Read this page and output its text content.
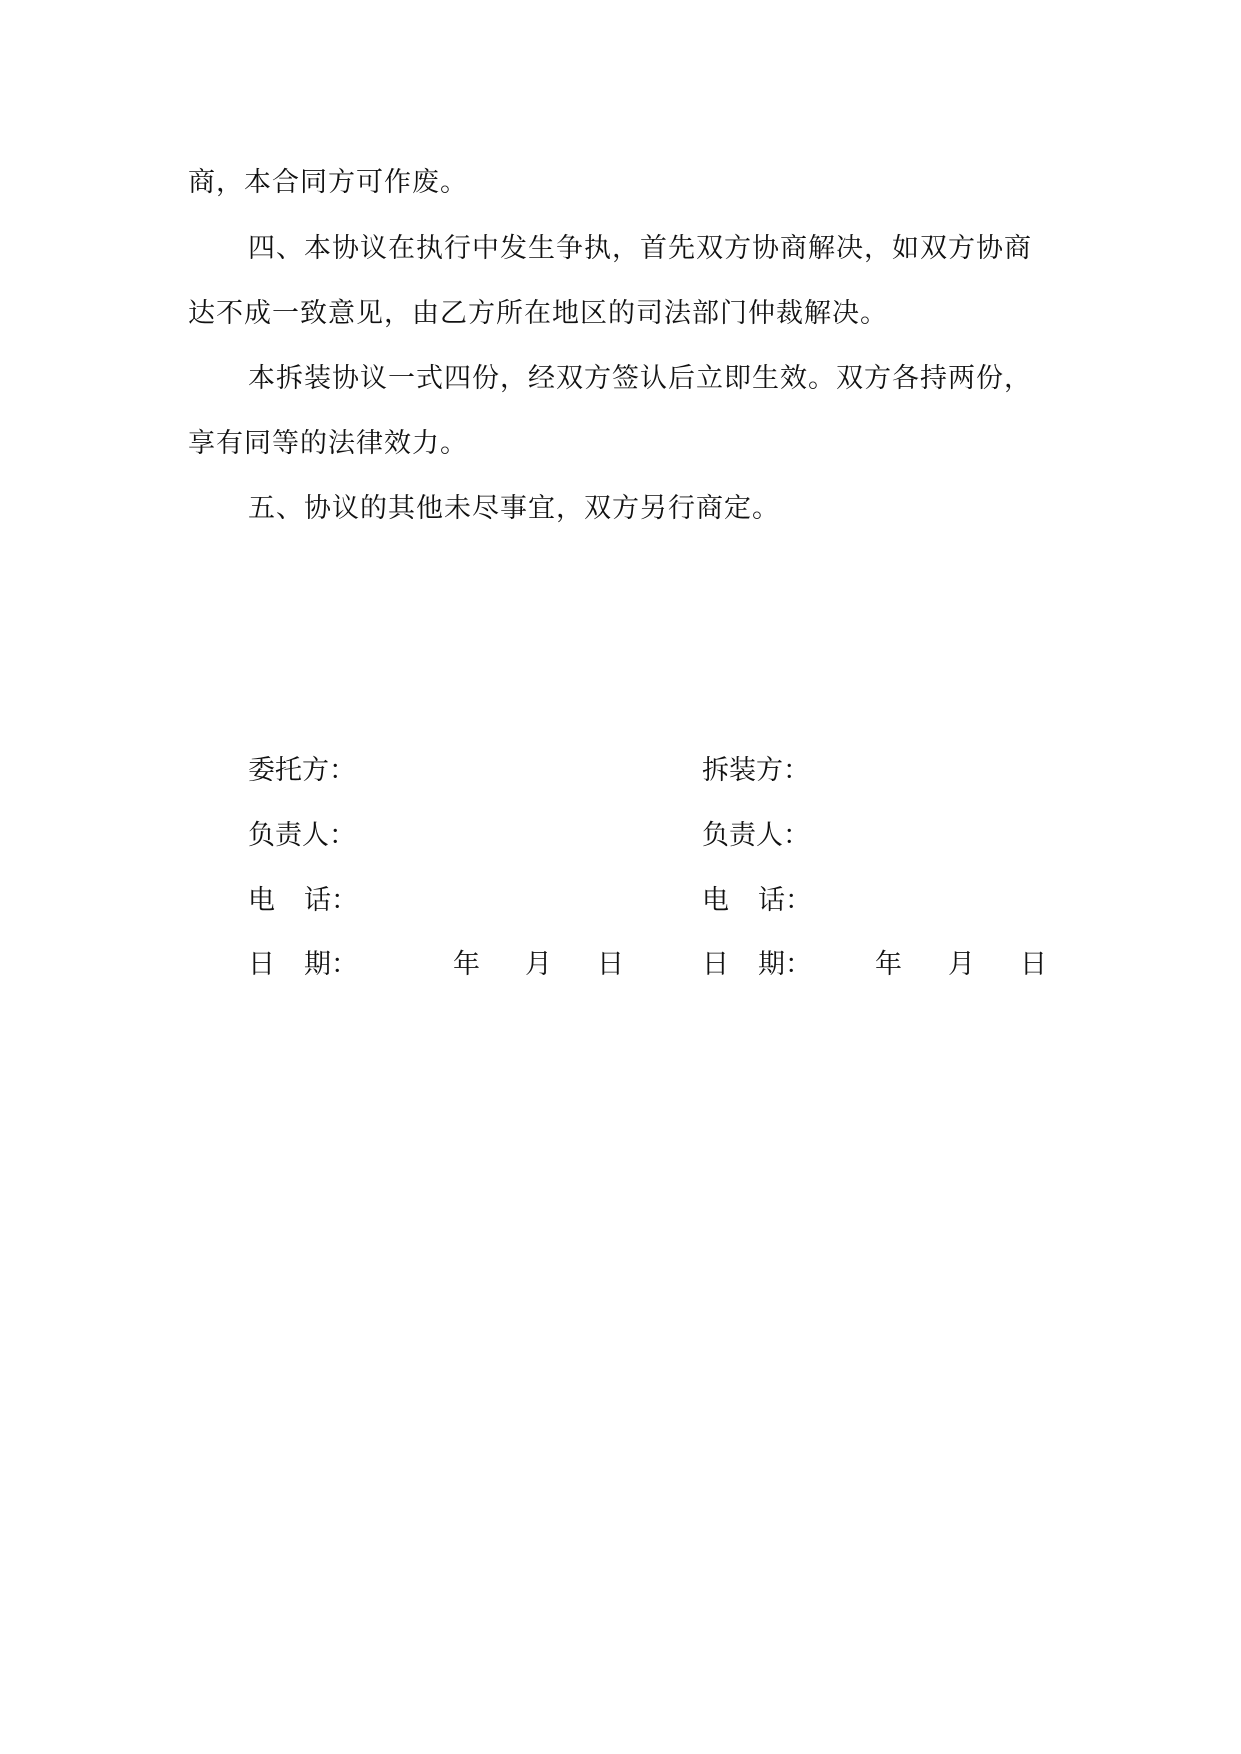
商，本合同方可作废。
四、本协议在执行中发生争执，首先双方协商解决，如双方协商
达不成一致意见，由乙方所在地区的司法部门仲裁解决。
本拆装协议一式四份，经双方签认后立即生效。双方各持两份，
享有同等的法律效力。
五、协议的其他未尽事宜，双方另行商定。
委托方：
负责人：
电话：
日期：	年 月 日
拆装方：
负责人：
电话：
日期： 年 月 日
